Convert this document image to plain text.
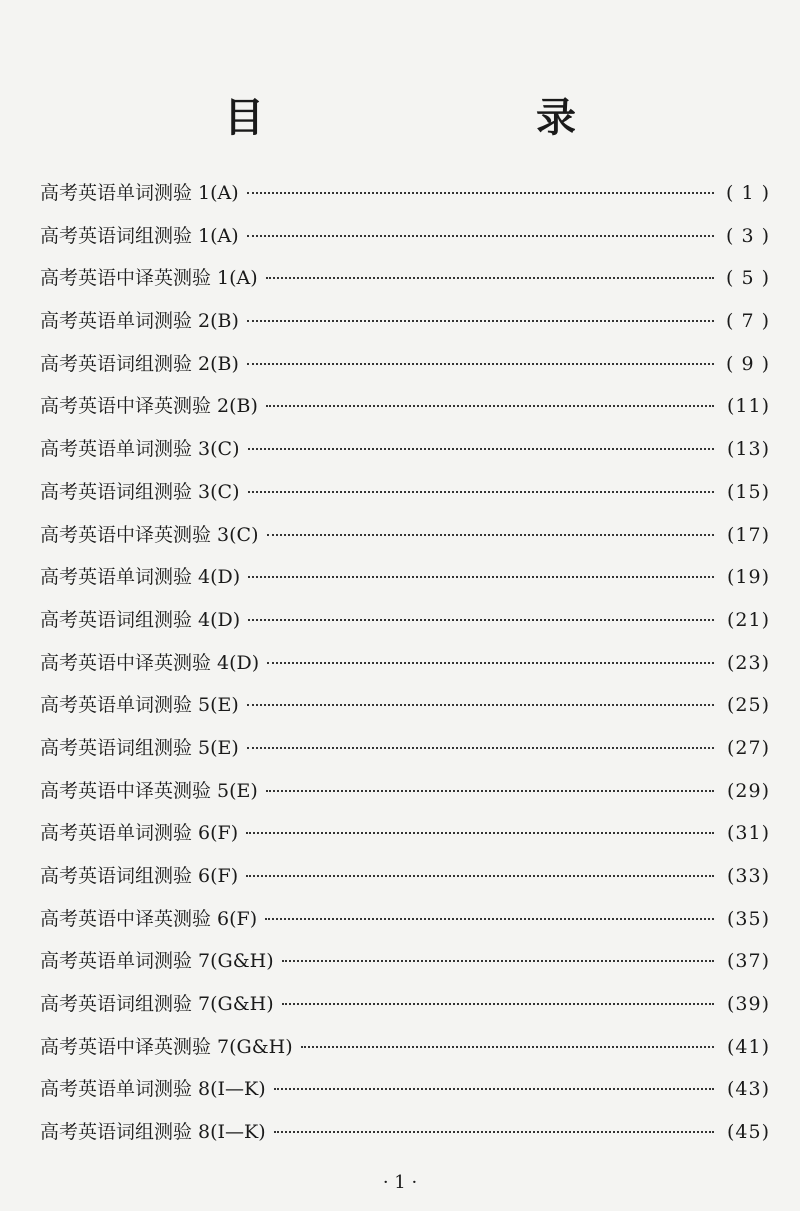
目　　录
高考英语单词测验 1(A)	( 1 )
高考英语词组测验 1(A)	( 3 )
高考英语中译英测验 1(A)	( 5 )
高考英语单词测验 2(B)	( 7 )
高考英语词组测验 2(B)	( 9 )
高考英语中译英测验 2(B)	(11)
高考英语单词测验 3(C)	(13)
高考英语词组测验 3(C)	(15)
高考英语中译英测验 3(C)	(17)
高考英语单词测验 4(D)	(19)
高考英语词组测验 4(D)	(21)
高考英语中译英测验 4(D)	(23)
高考英语单词测验 5(E)	(25)
高考英语词组测验 5(E)	(27)
高考英语中译英测验 5(E)	(29)
高考英语单词测验 6(F)	(31)
高考英语词组测验 6(F)	(33)
高考英语中译英测验 6(F)	(35)
高考英语单词测验 7(G&H)	(37)
高考英语词组测验 7(G&H)	(39)
高考英语中译英测验 7(G&H)	(41)
高考英语单词测验 8(I—K)	(43)
高考英语词组测验 8(I—K)	(45)
· 1 ·
